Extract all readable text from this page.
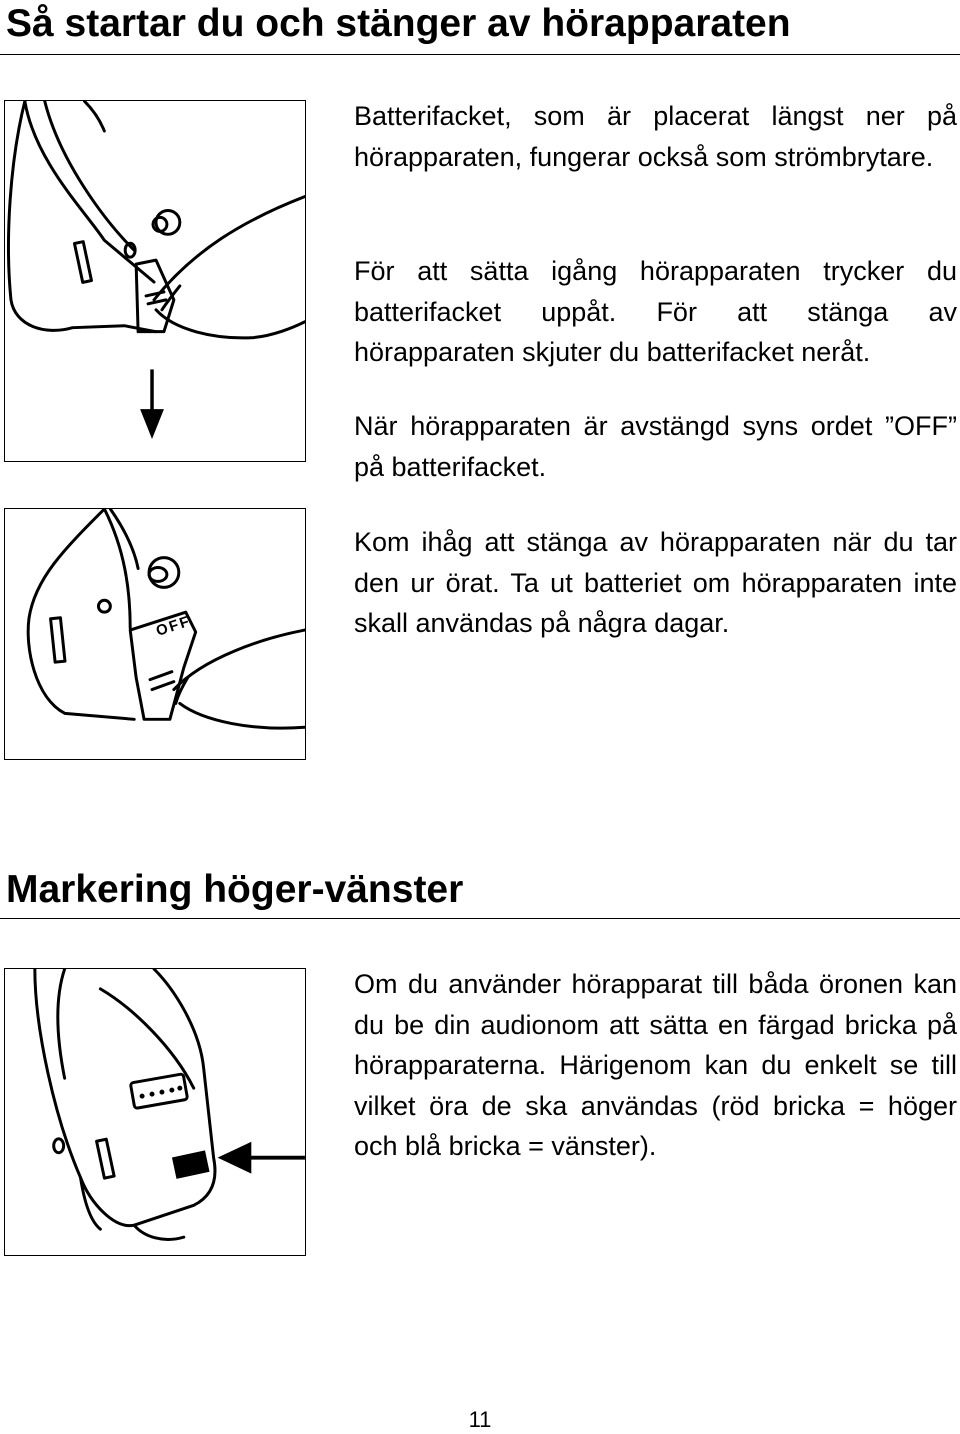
Så startar du och stänger av hörapparaten
OFF

Batterifacket, som är placerat längst ner på hörapparaten, fungerar också som strömbrytare.

För att sätta igång hörapparaten trycker du batterifacket uppåt. För att stänga av hörapparaten skjuter du batterifacket neråt.

När hörapparaten är avstängd syns ordet ”OFF” på batterifacket.

Kom ihåg att stänga av hörapparaten när du tar den ur örat. Ta ut batteriet om hörapparaten inte skall användas på några dagar.

Markering höger-vänster

Om du använder hörapparat till båda öronen kan du be din audionom att sätta en färgad bricka på hörapparaterna. Härigenom kan du enkelt se till vilket öra de ska användas (röd bricka = höger och blå bricka = vänster).

11
